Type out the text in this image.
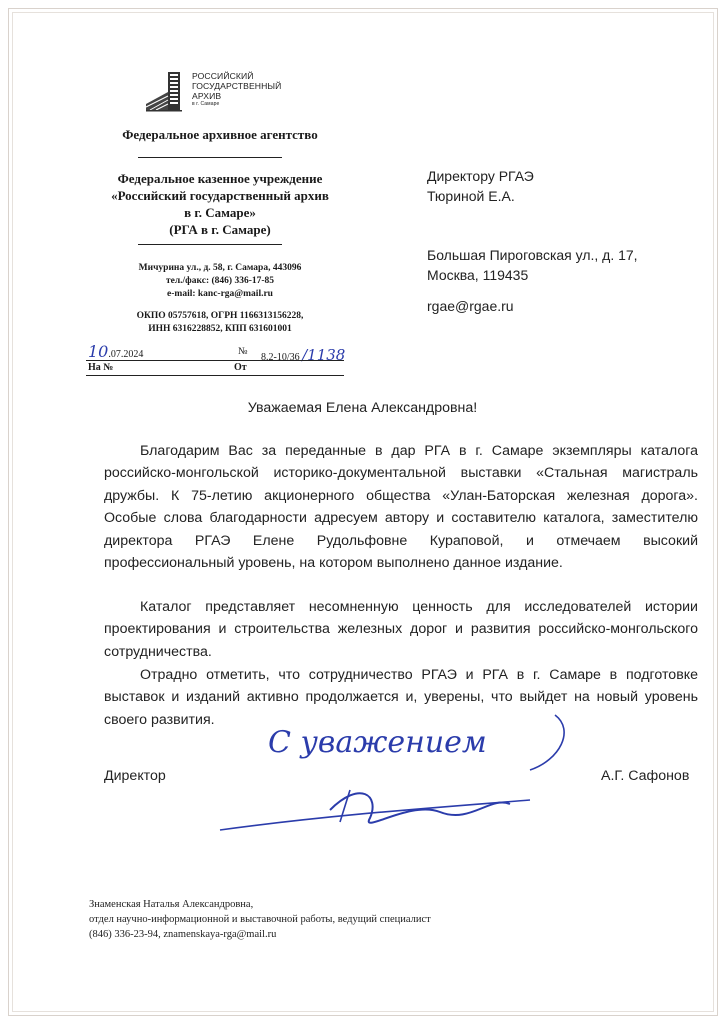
РОССИЙСКИЙ
ГОСУДАРСТВЕННЫЙ
АРХИВ
в г. Самаре
Федеральное архивное агентство
Федеральное казенное учреждение
«Российский государственный архив
в г. Самаре»
(РГА в г. Самаре)
Мичурина ул., д. 58, г. Самара, 443096
тел./факс: (846) 336-17-85
e-mail: kanc-rga@mail.ru
ОКПО 05757618, ОГРН 1166313156228,
ИНН 6316228852, КПП 631601001
10.07.2024	№
8.2-10/36 /1138
На №	От
Директору РГАЭ
Тюриной Е.А.
Большая Пироговская ул., д. 17,
Москва, 119435
rgae@rgae.ru
Уважаемая Елена Александровна!

Благодарим Вас за переданные в дар РГА в г. Самаре экземпляры каталога российско-монгольской историко-документальной выставки «Стальная магистраль дружбы. К 75-летию акционерного общества «Улан-Баторская железная дорога». Особые слова благодарности адресуем автору и составителю каталога, заместителю директора РГАЭ Елене Рудольфовне Кураповой, и отмечаем высокий профессиональный уровень, на котором выполнено данное издание.

Каталог представляет несомненную ценность для исследователей истории проектирования и строительства железных дорог и развития российско-монгольского сотрудничества.

Отрадно отметить, что сотрудничество РГАЭ и РГА в г. Самаре в подготовке выставок и изданий активно продолжается и, уверены, что выйдет на новый уровень своего развития.

С уважением
Директор	А.Г. Сафонов
Знаменская Наталья Александровна,
отдел научно-информационной и выставочной работы, ведущий специалист
(846) 336-23-94, znamenskaya-rga@mail.ru
